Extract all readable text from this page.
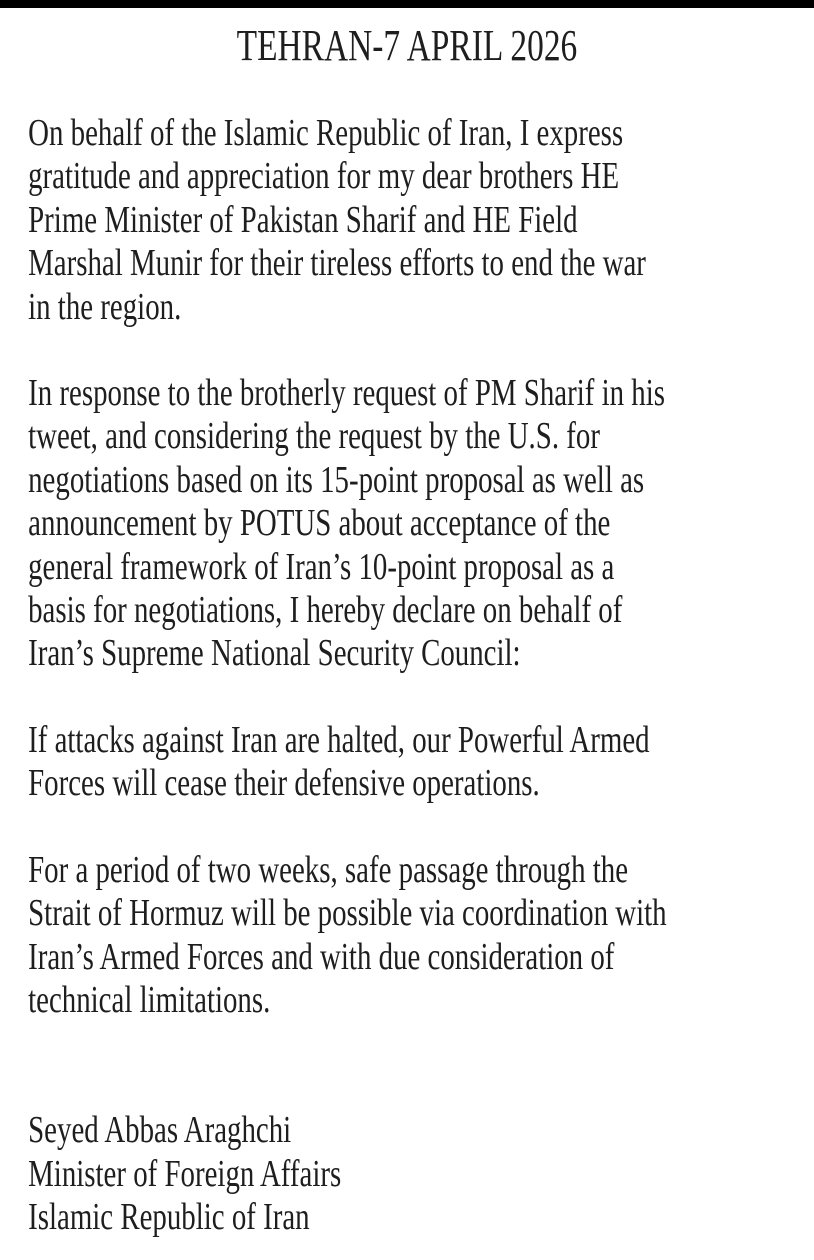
TEHRAN-7 APRIL 2026
On behalf of the Islamic Republic of Iran, I express
gratitude and appreciation for my dear brothers HE
Prime Minister of Pakistan Sharif and HE Field
Marshal Munir for their tireless efforts to end the war
in the region.
In response to the brotherly request of PM Sharif in his
tweet, and considering the request by the U.S. for
negotiations based on its 15-point proposal as well as
announcement by POTUS about acceptance of the
general framework of Iran’s 10-point proposal as a
basis for negotiations, I hereby declare on behalf of
Iran’s Supreme National Security Council:
If attacks against Iran are halted, our Powerful Armed
Forces will cease their defensive operations.
For a period of two weeks, safe passage through the
Strait of Hormuz will be possible via coordination with
Iran’s Armed Forces and with due consideration of
technical limitations.
Seyed Abbas Araghchi
Minister of Foreign Affairs
Islamic Republic of Iran
